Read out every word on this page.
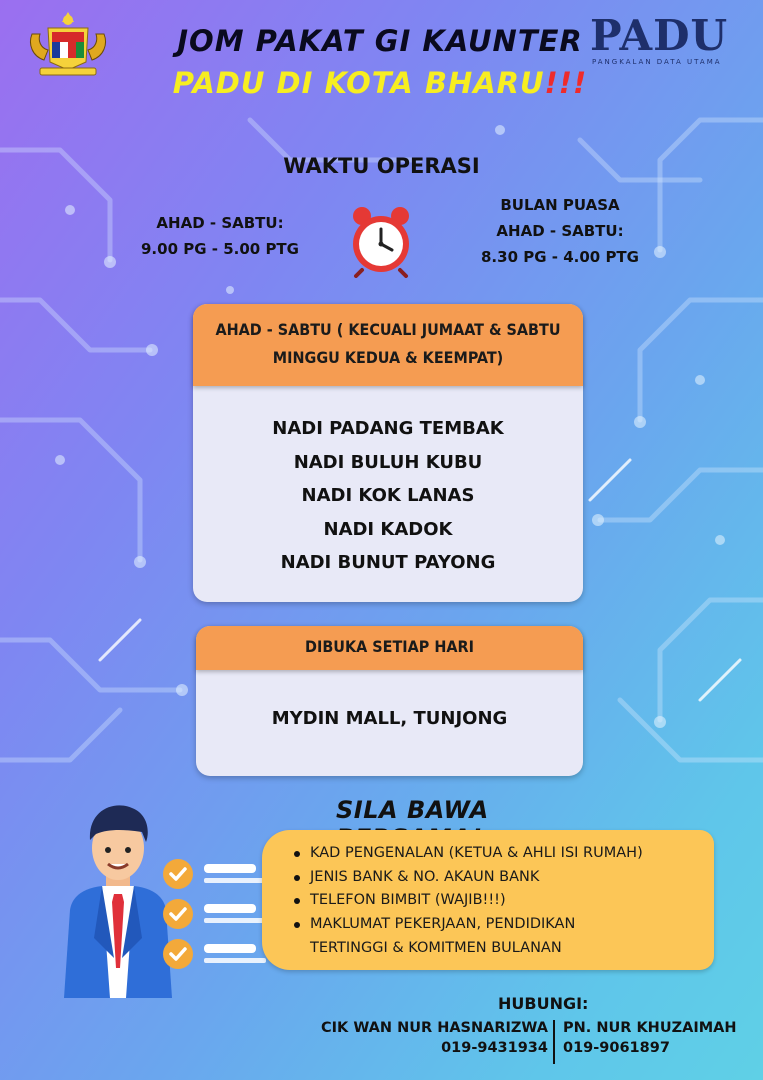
PADU
PANGKALAN DATA UTAMA
JOM PAKAT GI KAUNTER
PADU DI KOTA BHARU!!!
WAKTU OPERASI
AHAD - SABTU:
9.00 PG - 5.00 PTG
BULAN PUASA
AHAD - SABTU:
8.30 PG - 4.00 PTG
AHAD - SABTU ( KECUALI JUMAAT & SABTU
MINGGU KEDUA & KEEMPAT)
NADI PADANG TEMBAK
NADI BULUH KUBU
NADI KOK LANAS
NADI KADOK
NADI BUNUT PAYONG
DIBUKA SETIAP HARI
MYDIN MALL, TUNJONG
SILA BAWA
KAD PENGENALAN (KETUA & AHLI ISI RUMAH)
JENIS BANK & NO. AKAUN BANK
TELEFON BIMBIT (WAJIB!!!)
MAKLUMAT PEKERJAAN, PENDIDIKAN
TERTINGGI & KOMITMEN BULANAN
HUBUNGI:
CIK WAN NUR HASNARIZWA
019-9431934
PN. NUR KHUZAIMAH
019-9061897
